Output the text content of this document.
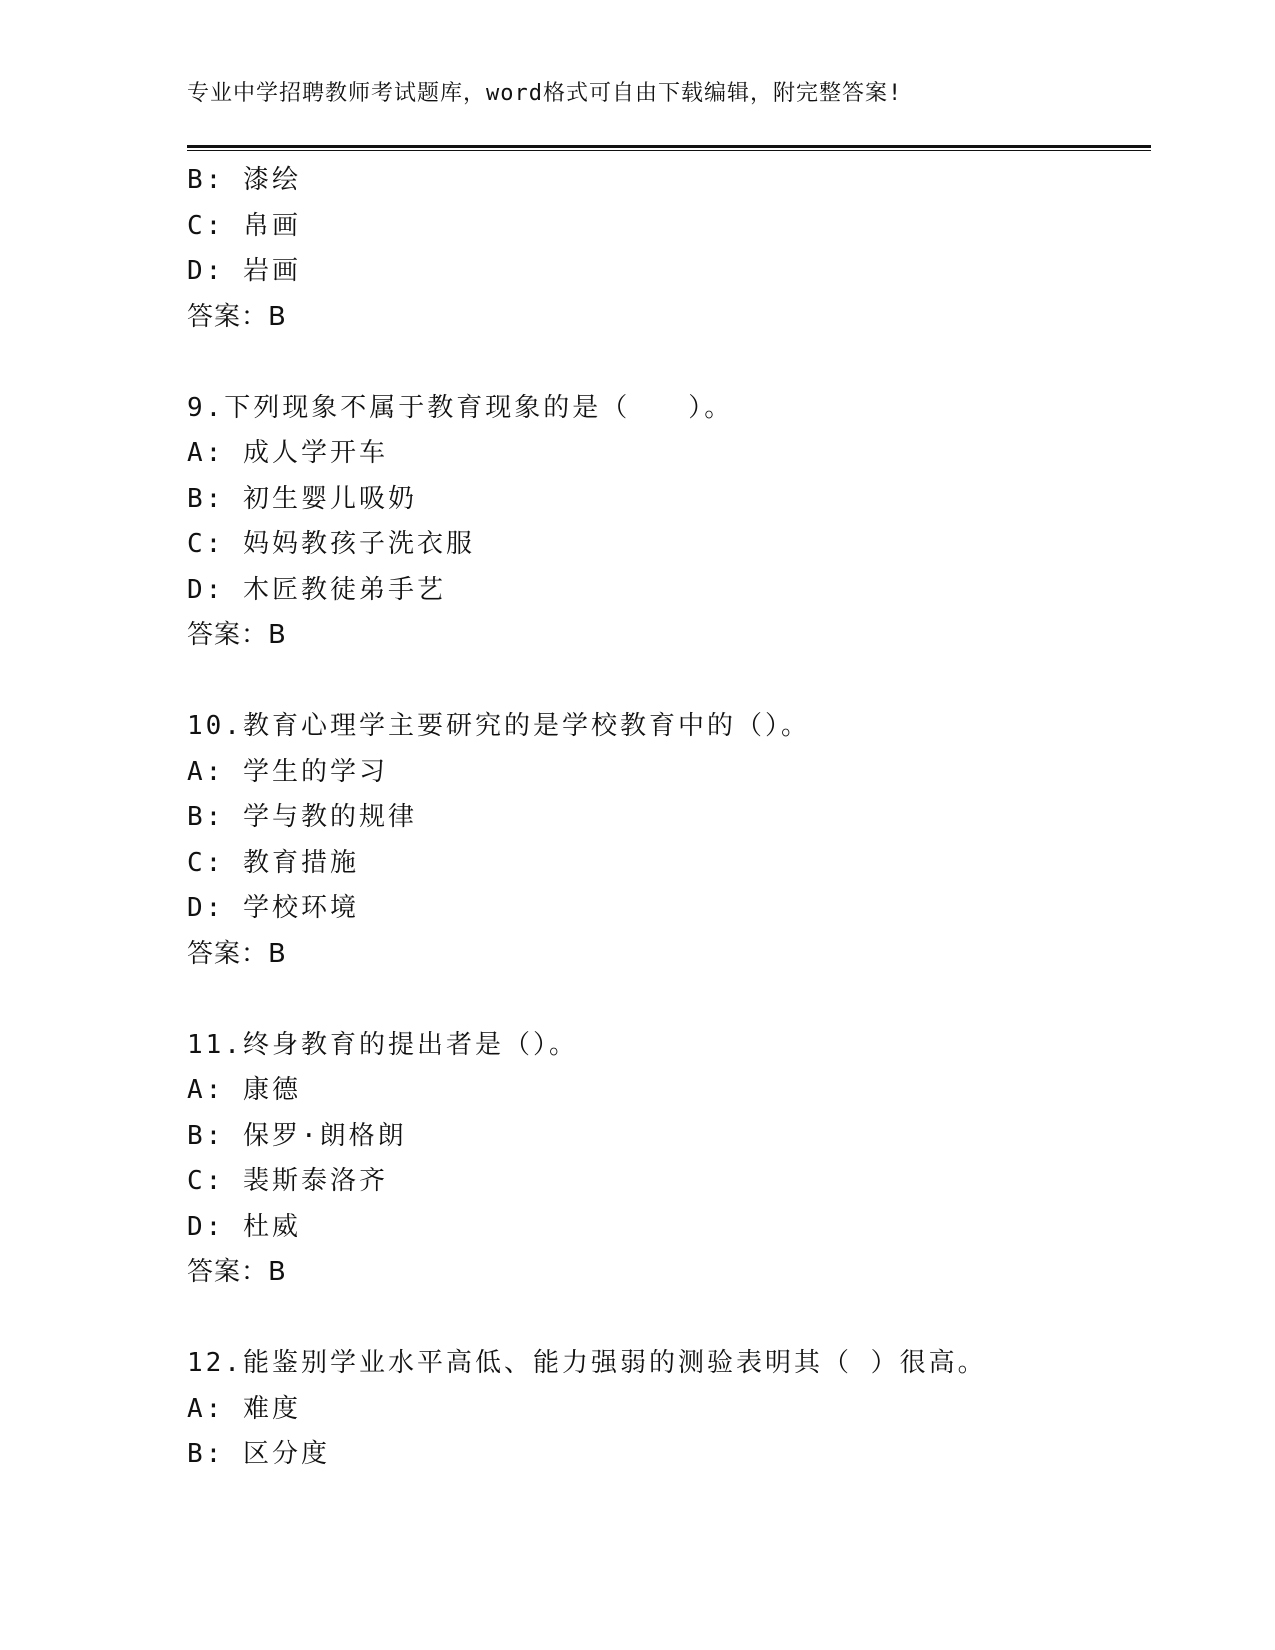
专业中学招聘教师考试题库，word格式可自由下载编辑，附完整答案!
B: 漆绘
C: 帛画
D: 岩画
答案：B
9.下列现象不属于教育现象的是（　　）。
A: 成人学开车
B: 初生婴儿吸奶
C: 妈妈教孩子洗衣服
D: 木匠教徒弟手艺
答案：B
10.教育心理学主要研究的是学校教育中的（）。
A: 学生的学习
B: 学与教的规律
C: 教育措施
D: 学校环境
答案：B
11.终身教育的提出者是（）。
A: 康德
B: 保罗·朗格朗
C: 裴斯泰洛齐
D: 杜威
答案：B
12.能鉴别学业水平高低、能力强弱的测验表明其（ ）很高。
A: 难度
B: 区分度
